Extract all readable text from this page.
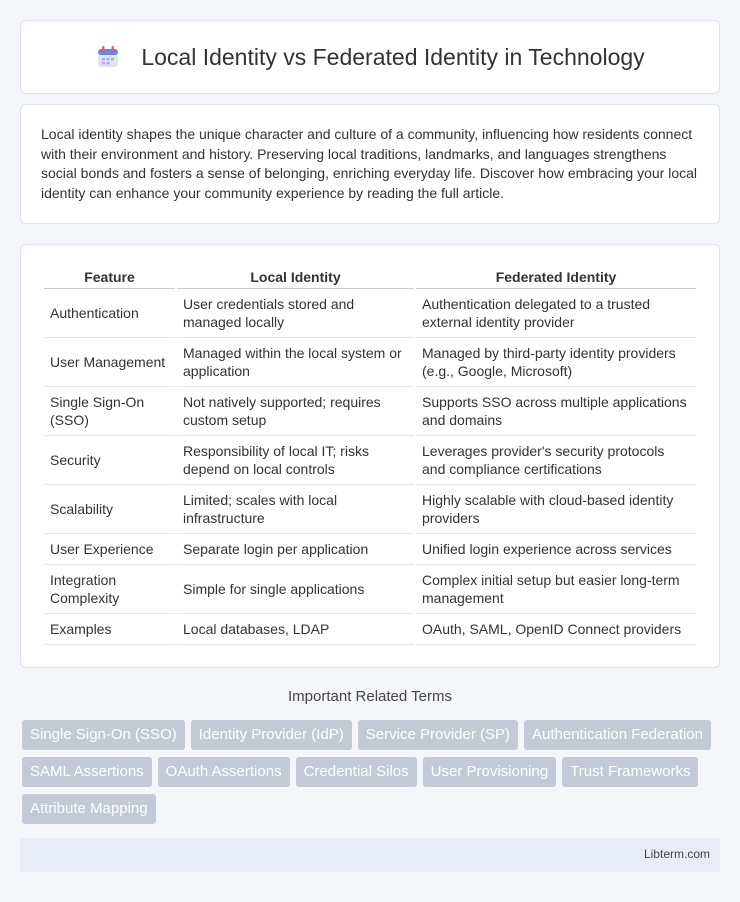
Local Identity vs Federated Identity in Technology

Local identity shapes the unique character and culture of a community, influencing how residents connect with their environment and history. Preserving local traditions, landmarks, and languages strengthens social bonds and fosters a sense of belonging, enriching everyday life. Discover how embracing your local identity can enhance your community experience by reading the full article.

Feature	Local Identity	Federated Identity
Authentication	User credentials stored and managed locally	Authentication delegated to a trusted external identity provider
User Management	Managed within the local system or application	Managed by third-party identity providers (e.g., Google, Microsoft)
Single Sign-On (SSO)	Not natively supported; requires custom setup	Supports SSO across multiple applications and domains
Security	Responsibility of local IT; risks depend on local controls	Leverages provider's security protocols and compliance certifications
Scalability	Limited; scales with local infrastructure	Highly scalable with cloud-based identity providers
User Experience	Separate login per application	Unified login experience across services
Integration Complexity	Simple for single applications	Complex initial setup but easier long-term management
Examples	Local databases, LDAP	OAuth, SAML, OpenID Connect providers
Important Related Terms
Single Sign-On (SSO)	Identity Provider (IdP)	Service Provider (SP)	Authentication Federation
SAML Assertions	OAuth Assertions	Credential Silos	User Provisioning	Trust Frameworks
Attribute Mapping
Libterm.com
